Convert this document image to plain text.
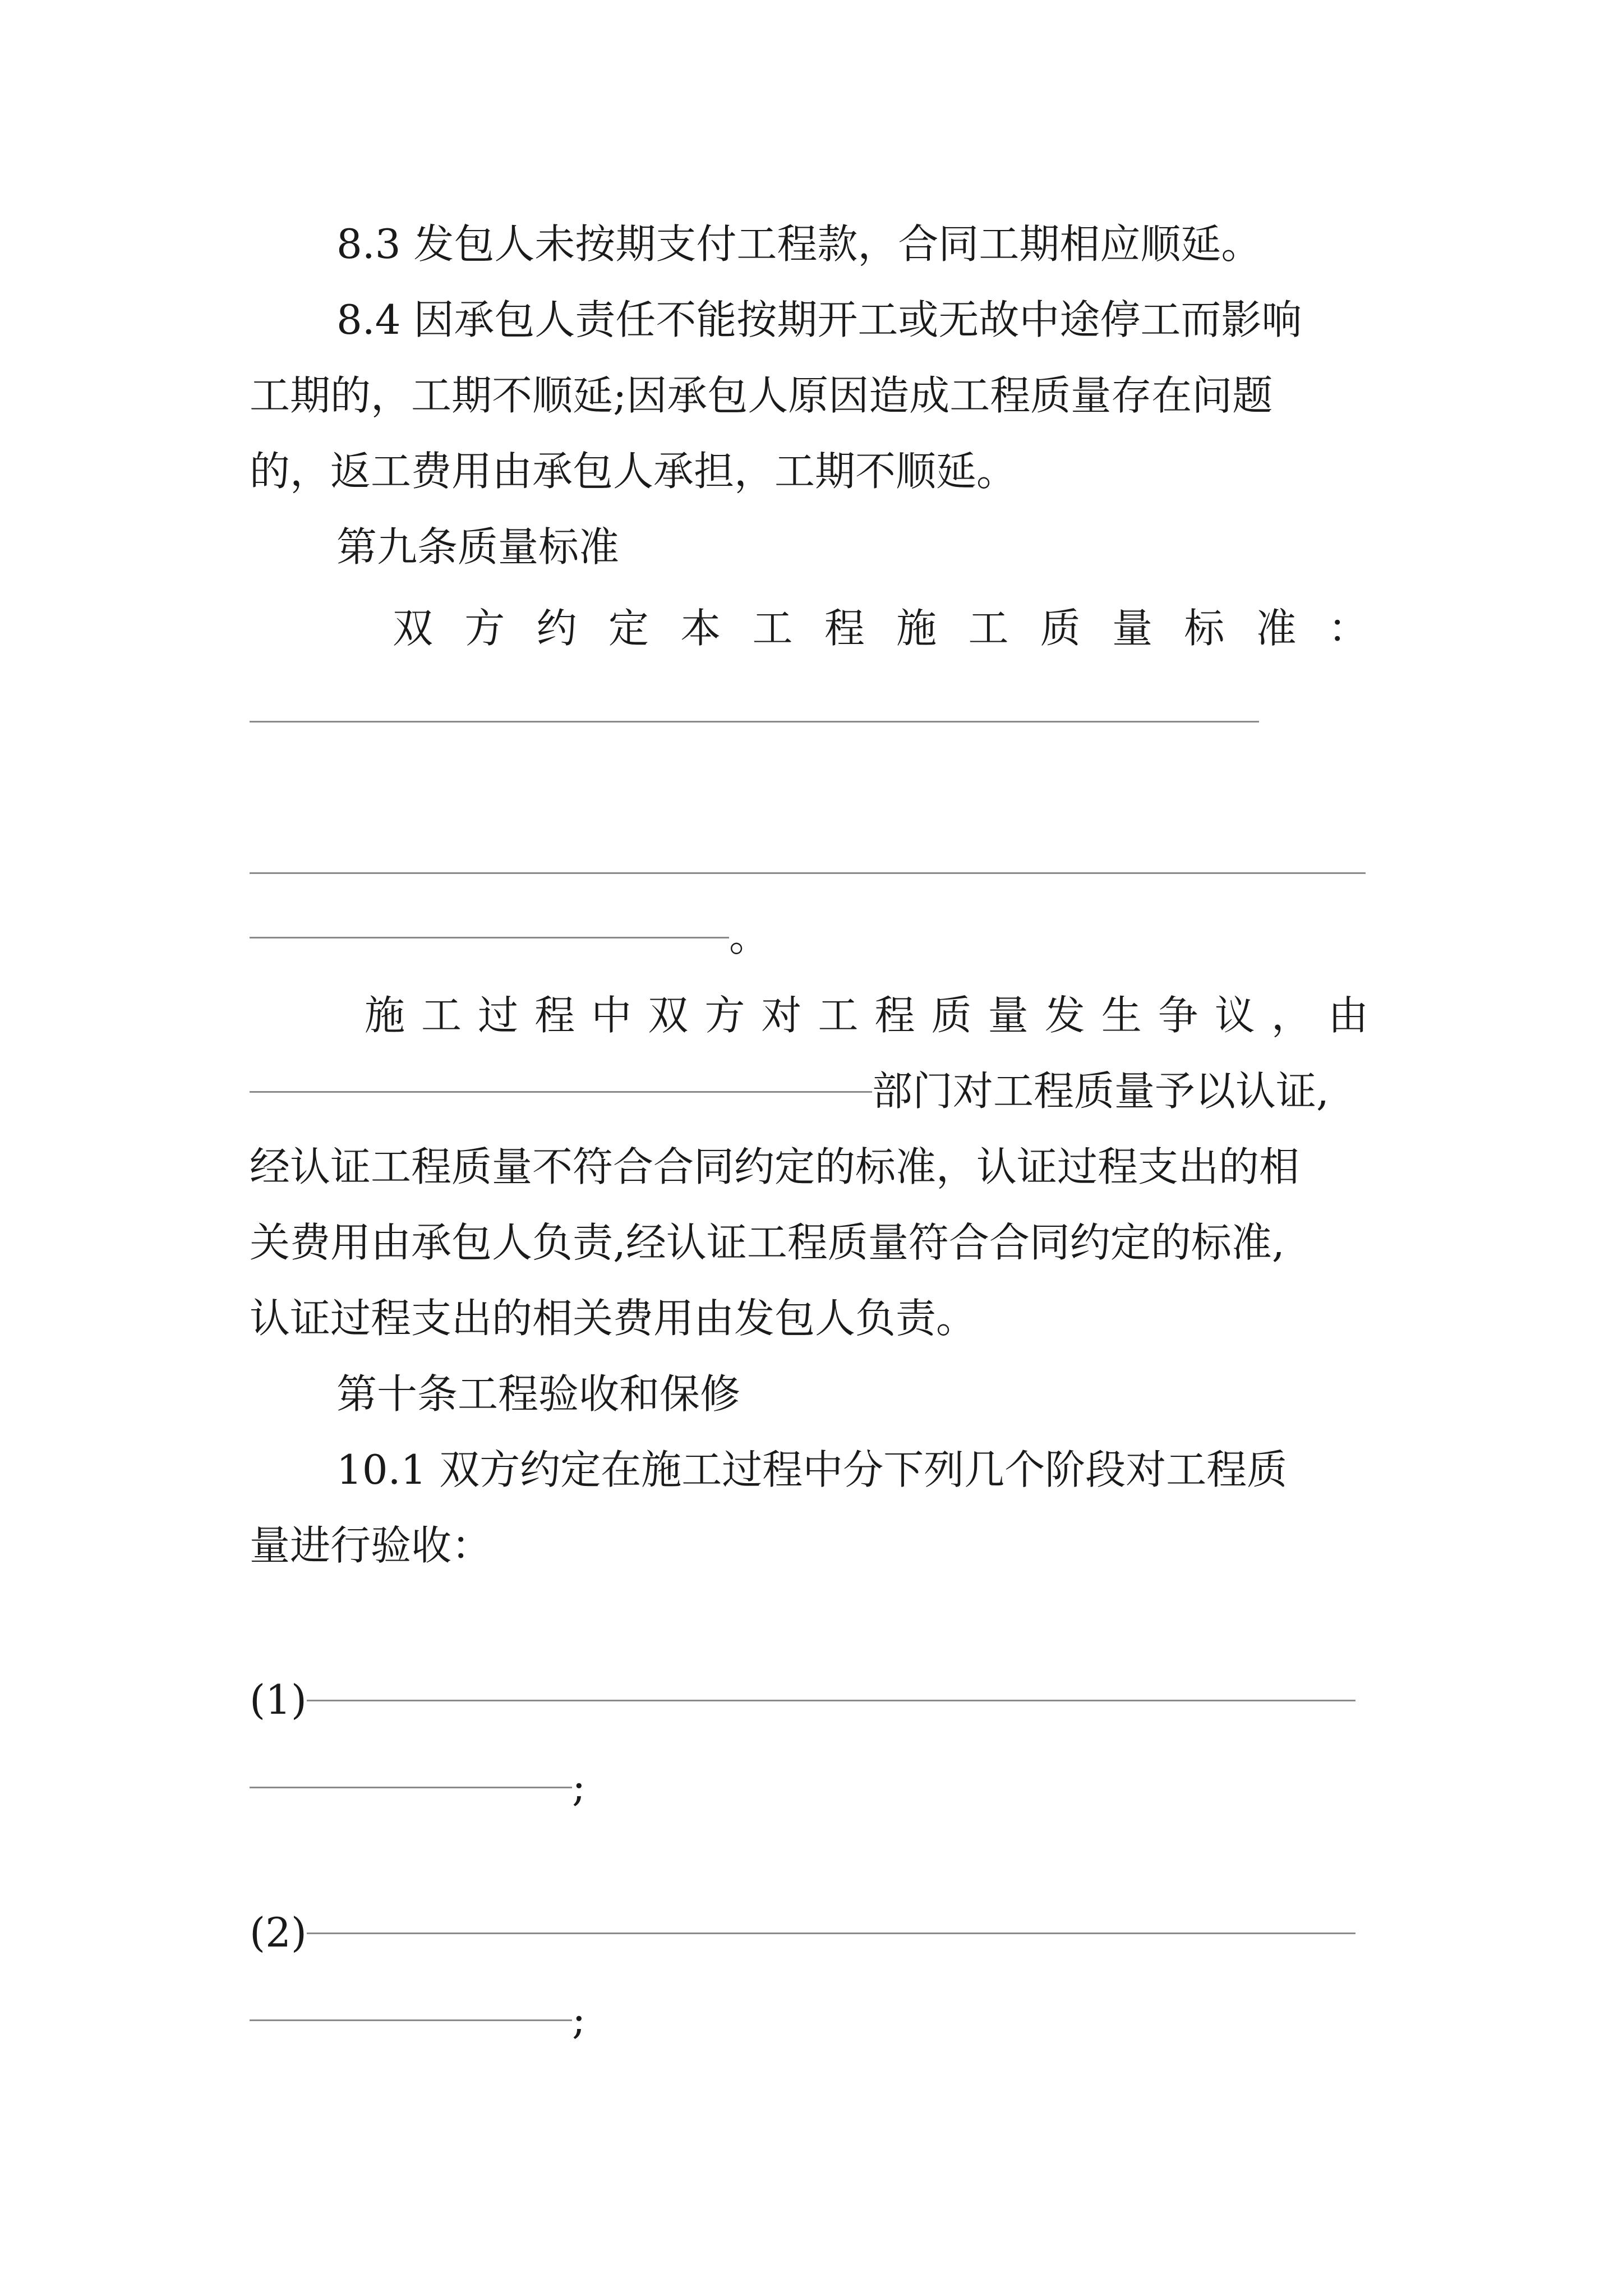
8.3 发包人未按期支付工程款，合同工期相应顺延。

8.4 因承包人责任不能按期开工或无故中途停工而影响

工期的，工期不顺延;因承包人原因造成工程质量存在问题

的，返工费用由承包人承担，工期不顺延。

第九条质量标准

双方约定本工程施工质量标准：

。

施工过程中双方对工程质量发生争议，由

部门对工程质量予以认证,

经认证工程质量不符合合同约定的标准，认证过程支出的相

关费用由承包人负责,经认证工程质量符合合同约定的标准,

认证过程支出的相关费用由发包人负责。

第十条工程验收和保修

10.1 双方约定在施工过程中分下列几个阶段对工程质

量进行验收：

(1)

;

(2)

;
